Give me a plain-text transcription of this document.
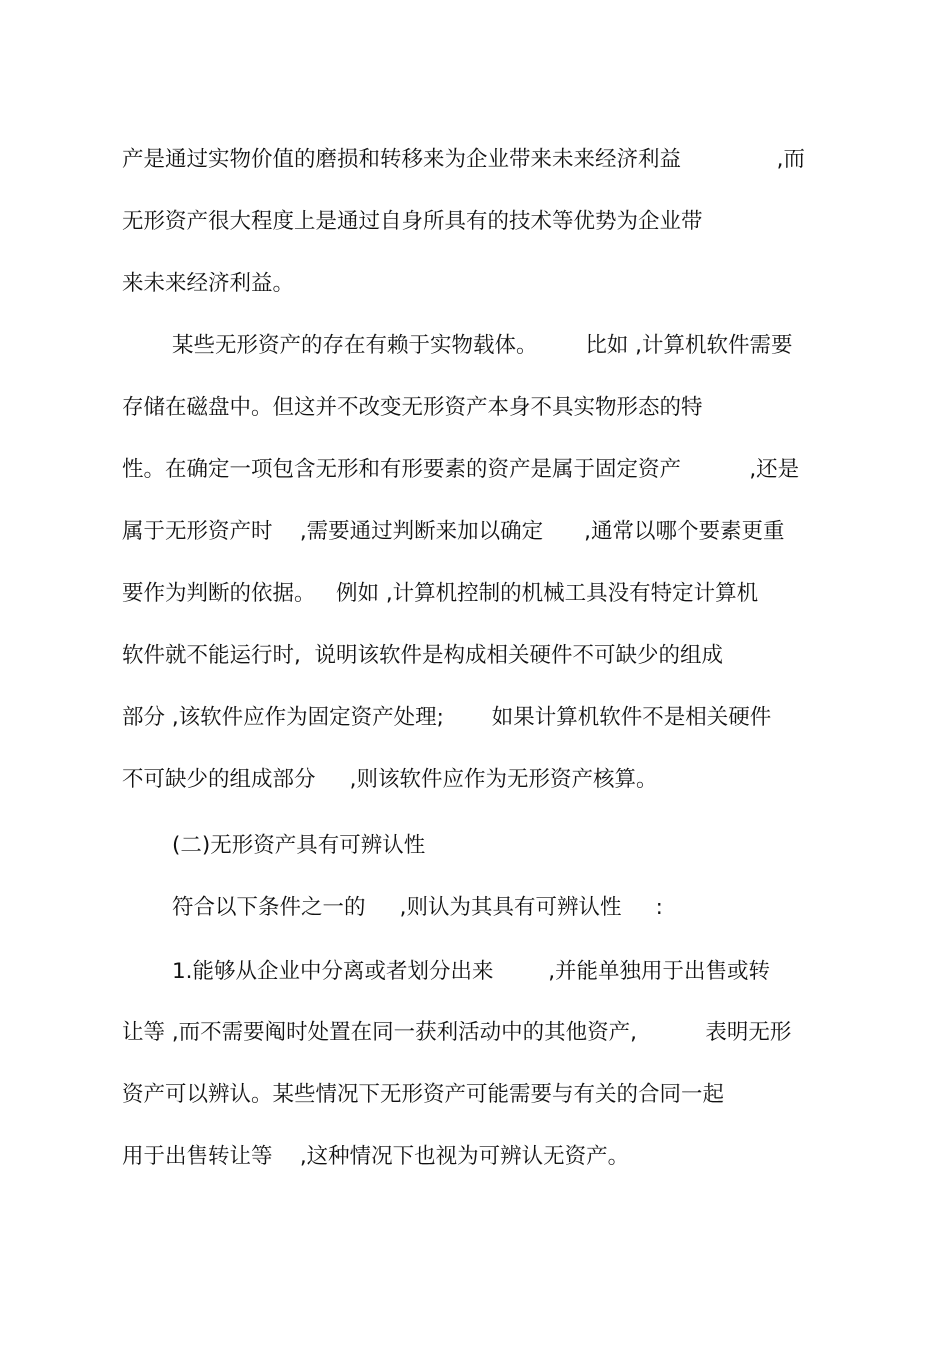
产是通过实物价值的磨损和转移来为企业带来未来经济利益              ,而
无形资产很大程度上是通过自身所具有的技术等优势为企业带
来未来经济利益。
某些无形资产的存在有赖于实物载体。       比如 ,计算机软件需要
存储在磁盘中。但这并不改变无形资产本身不具实物形态的特
性。在确定一项包含无形和有形要素的资产是属于固定资产          ,还是
属于无形资产时    ,需要通过判断来加以确定      ,通常以哪个要素更重
要作为判断的依据。   例如 ,计算机控制的机械工具没有特定计算机
软件就不能运行时,  说明该软件是构成相关硬件不可缺少的组成
部分 ,该软件应作为固定资产处理;       如果计算机软件不是相关硬件
不可缺少的组成部分     ,则该软件应作为无形资产核算。
(二)无形资产具有可辨认性
符合以下条件之一的     ,则认为其具有可辨认性     :
1.能够从企业中分离或者划分出来        ,并能单独用于出售或转
让等 ,而不需要阄时处置在同一获利活动中的其他资产,          表明无形
资产可以辨认。某些情况下无形资产可能需要与有关的合同一起
用于出售转让等    ,这种情况下也视为可辨认无资产。
